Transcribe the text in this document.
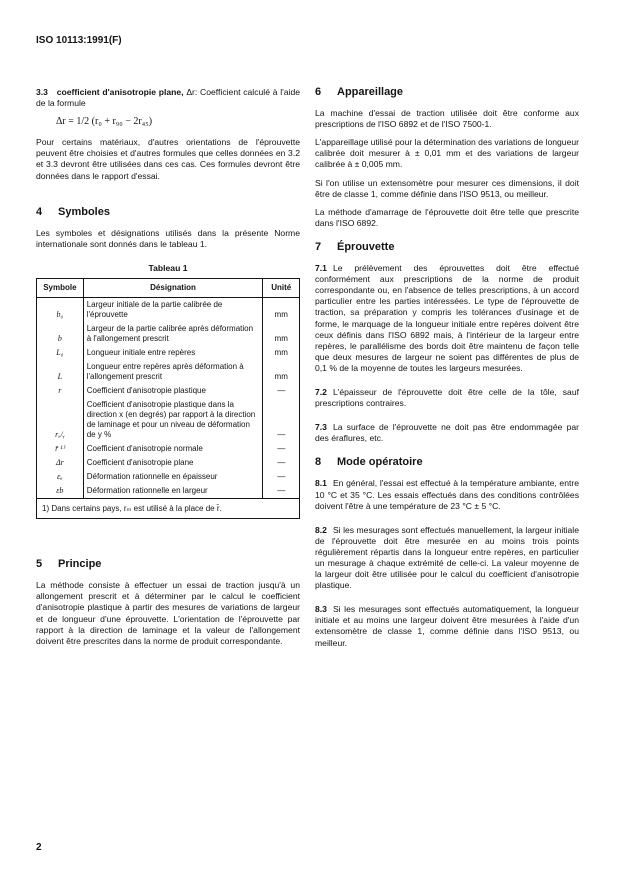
ISO 10113:1991(F)

3.3 coefficient d'anisotropie plane, Δr: Coefficient calculé à l'aide de la formule

Δr = 1/2 (r₀ + r₉₀ − 2r₄₅)

Pour certains matériaux, d'autres orientations de l'éprouvette peuvent être choisies et d'autres formules que celles données en 3.2 et 3.3 devront être utilisées dans ces cas. Ces formules devront être données dans le rapport d'essai.

4 Symboles

Les symboles et désignations utilisés dans la présente Norme internationale sont donnés dans le tableau 1.

Tableau 1
Symbole	Désignation	Unité
b₀	Largeur initiale de la partie calibrée de l'éprouvette	mm
b	Largeur de la partie calibrée après déformation à l'allongement prescrit	mm
L₀	Longueur initiale entre repères	mm
L	Longueur entre repères après déformation à l'allongement prescrit	mm
r	Coefficient d'anisotropie plastique	—
rₓ/ᵧ	Coefficient d'anisotropie plastique dans la direction x (en degrés) par rapport à la direction de laminage et pour un niveau de déformation de y %	—
r̄ ¹⁾	Coefficient d'anisotropie normale	—
Δr	Coefficient d'anisotropie plane	—
εₐ	Déformation rationnelle en épaisseur	—
εb	Déformation rationnelle en largeur	—
1) Dans certains pays, rₘ est utilisé à la place de r̄.
5 Principe

La méthode consiste à effectuer un essai de traction jusqu'à un allongement prescrit et à déterminer par le calcul le coefficient d'anisotropie plastique à partir des mesures de variations de largeur et de longueur d'une éprouvette. L'orientation de l'éprouvette par rapport à la direction de laminage et la valeur de l'allongement doivent être prescrites dans la norme de produit correspondante.

6 Appareillage

La machine d'essai de traction utilisée doit être conforme aux prescriptions de l'ISO 6892 et de l'ISO 7500-1.

L'appareillage utilisé pour la détermination des variations de longueur calibrée doit mesurer à ± 0,01 mm et des variations de largeur calibrée à ± 0,005 mm.

Si l'on utilise un extensomètre pour mesurer ces dimensions, il doit être de classe 1, comme définie dans l'ISO 9513, ou meilleur.

La méthode d'amarrage de l'éprouvette doit être telle que prescrite dans l'ISO 6892.

7 Éprouvette

7.1 Le prélèvement des éprouvettes doit être effectué conformément aux prescriptions de la norme de produit correspondante ou, en l'absence de telles prescriptions, à un accord particulier entre les parties intéressées. Le type de l'éprouvette de traction, sa préparation y compris les tolérances d'usinage et de forme, le marquage de la longueur initiale entre repères doivent être ceux définis dans l'ISO 6892 mais, à l'intérieur de la largeur entre repères, le parallélisme des bords doit être maintenu de façon telle que deux mesures de largeur ne soient pas différentes de plus de 0,1 % de la moyenne de toutes les largeurs mesurées.

7.2 L'épaisseur de l'éprouvette doit être celle de la tôle, sauf prescriptions contraires.

7.3 La surface de l'éprouvette ne doit pas être endommagée par des éraflures, etc.

8 Mode opératoire

8.1 En général, l'essai est effectué à la température ambiante, entre 10 °C et 35 °C. Les essais effectués dans des conditions contrôlées doivent l'être à une température de 23 °C ± 5 °C.

8.2 Si les mesurages sont effectués manuellement, la largeur initiale de l'éprouvette doit être mesurée en au moins trois points régulièrement répartis dans la longueur entre repères, en particulier un mesurage à chaque extrémité de celle-ci. La valeur moyenne de la largeur doit être utilisée pour le calcul du coefficient d'anisotropie plastique.

8.3 Si les mesurages sont effectués automatiquement, la longueur initiale et au moins une largeur doivent être mesurées à l'aide d'un extensomètre de classe 1, comme définie dans l'ISO 9513, ou meilleur.

2
